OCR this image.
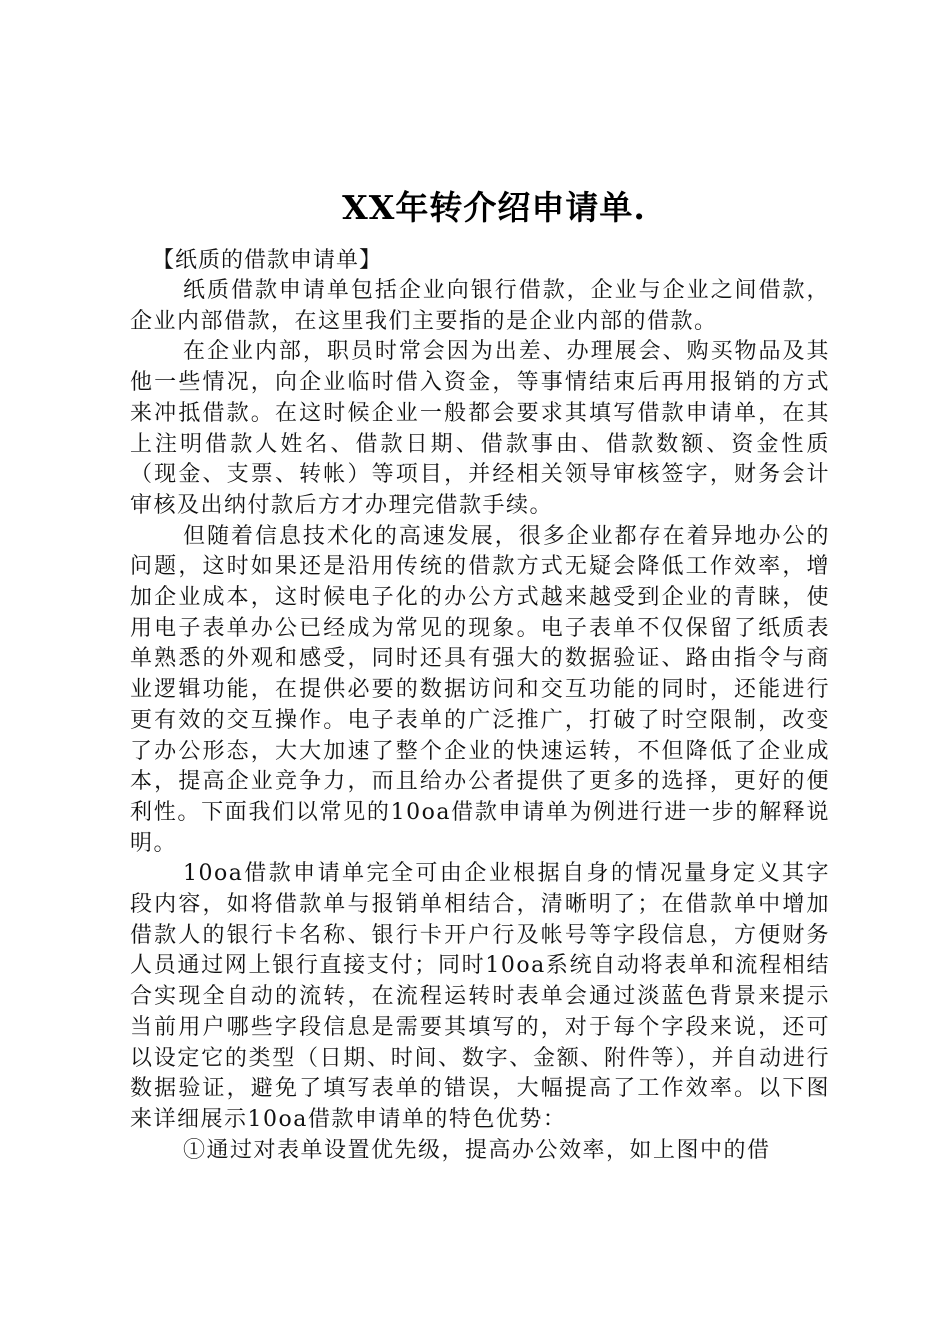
XX年转介绍申请单.

【纸质的借款申请单】

纸质借款申请单包括企业向银行借款，企业与企业之间借款，企业内部借款，在这里我们主要指的是企业内部的借款。

在企业内部，职员时常会因为出差、办理展会、购买物品及其他一些情况，向企业临时借入资金，等事情结束后再用报销的方式来冲抵借款。在这时候企业一般都会要求其填写借款申请单，在其上注明借款人姓名、借款日期、借款事由、借款数额、资金性质（现金、支票、转帐）等项目，并经相关领导审核签字，财务会计审核及出纳付款后方才办理完借款手续。

但随着信息技术化的高速发展，很多企业都存在着异地办公的问题，这时如果还是沿用传统的借款方式无疑会降低工作效率，增加企业成本，这时候电子化的办公方式越来越受到企业的青睐，使用电子表单办公已经成为常见的现象。电子表单不仅保留了纸质表单熟悉的外观和感受，同时还具有强大的数据验证、路由指令与商业逻辑功能，在提供必要的数据访问和交互功能的同时，还能进行更有效的交互操作。电子表单的广泛推广，打破了时空限制，改变了办公形态，大大加速了整个企业的快速运转，不但降低了企业成本，提高企业竞争力，而且给办公者提供了更多的选择，更好的便利性。下面我们以常见的10oa借款申请单为例进行进一步的解释说明。

10oa借款申请单完全可由企业根据自身的情况量身定义其字段内容，如将借款单与报销单相结合，清晰明了；在借款单中增加借款人的银行卡名称、银行卡开户行及帐号等字段信息，方便财务人员通过网上银行直接支付；同时10oa系统自动将表单和流程相结合实现全自动的流转，在流程运转时表单会通过淡蓝色背景来提示当前用户哪些字段信息是需要其填写的，对于每个字段来说，还可以设定它的类型（日期、时间、数字、金额、附件等），并自动进行数据验证，避免了填写表单的错误，大幅提高了工作效率。以下图来详细展示10oa借款申请单的特色优势：

①通过对表单设置优先级，提高办公效率，如上图中的借
